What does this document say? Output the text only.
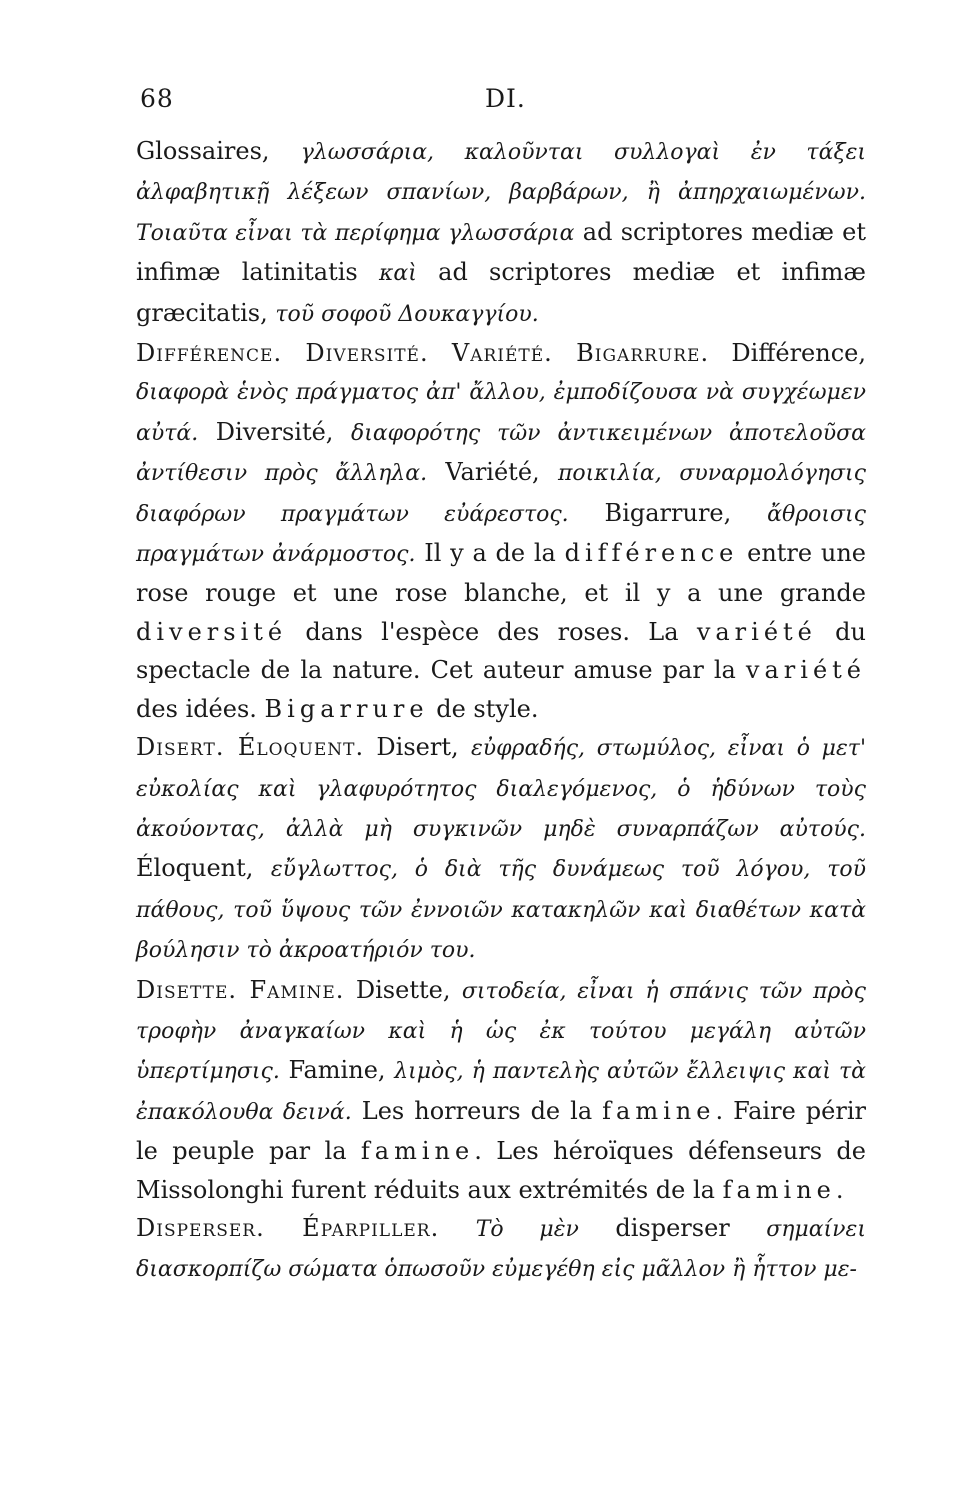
68	DI.

Glossaires, γλωσσάρια, καλοῦνται συλλογαὶ ἐν τάξει ἀλφαβητικῇ λέξεων σπανίων, βαρβάρων, ἢ ἀπηρχαιωμένων. Τοιαῦτα εἶναι τὰ περίφημα γλωσσάρια ad scriptores mediæ et infimæ latinitatis καὶ ad scriptores mediæ et infimæ græcitatis, τοῦ σοφοῦ Δουκαγγίου.

Différence. Diversité. Variété. Bigarrure. Différence, διαφορὰ ἑνὸς πράγματος ἀπ' ἄλλου, ἐμποδίζουσα νὰ συγχέωμεν αὐτά. Diversité, διαφορότης τῶν ἀντικειμένων ἀποτελοῦσα ἀντίθεσιν πρὸς ἄλληλα. Variété, ποικιλία, συναρμολόγησις διαφόρων πραγμάτων εὐάρεστος. Bigarrure, ἄθροισις πραγμάτων ἀνάρμοστος. Il y a de la différence entre une rose rouge et une rose blanche, et il y a une grande diversité dans l'espèce des roses. La variété du spectacle de la nature. Cet auteur amuse par la variété des idées. Bigarrure de style.

Disert. Éloquent. Disert, εὐφραδής, στωμύλος, εἶναι ὁ μετ' εὐκολίας καὶ γλαφυρότητος διαλεγόμενος, ὁ ἡδύνων τοὺς ἀκούοντας, ἀλλὰ μὴ συγκινῶν μηδὲ συναρπάζων αὐτούς. Éloquent, εὔγλωττος, ὁ διὰ τῆς δυνάμεως τοῦ λόγου, τοῦ πάθους, τοῦ ὕψους τῶν ἐννοιῶν κατακηλῶν καὶ διαθέτων κατὰ βούλησιν τὸ ἀκροατήριόν του.

Disette. Famine. Disette, σιτοδεία, εἶναι ἡ σπάνις τῶν πρὸς τροφὴν ἀναγκαίων καὶ ἡ ὡς ἐκ τούτου μεγάλη αὐτῶν ὑπερτίμησις. Famine, λιμὸς, ἡ παντελὴς αὐτῶν ἔλλειψις καὶ τὰ ἐπακόλουθα δεινά. Les horreurs de la famine. Faire périr le peuple par la famine. Les héroïques défenseurs de Missolonghi furent réduits aux extrémités de la famine.

Disperser. Éparpiller. Τὸ μὲν disperser σημαίνει διασκορπίζω σώματα ὁπωσοῦν εὐμεγέθη εἰς μᾶλλον ἢ ἧττον με-
